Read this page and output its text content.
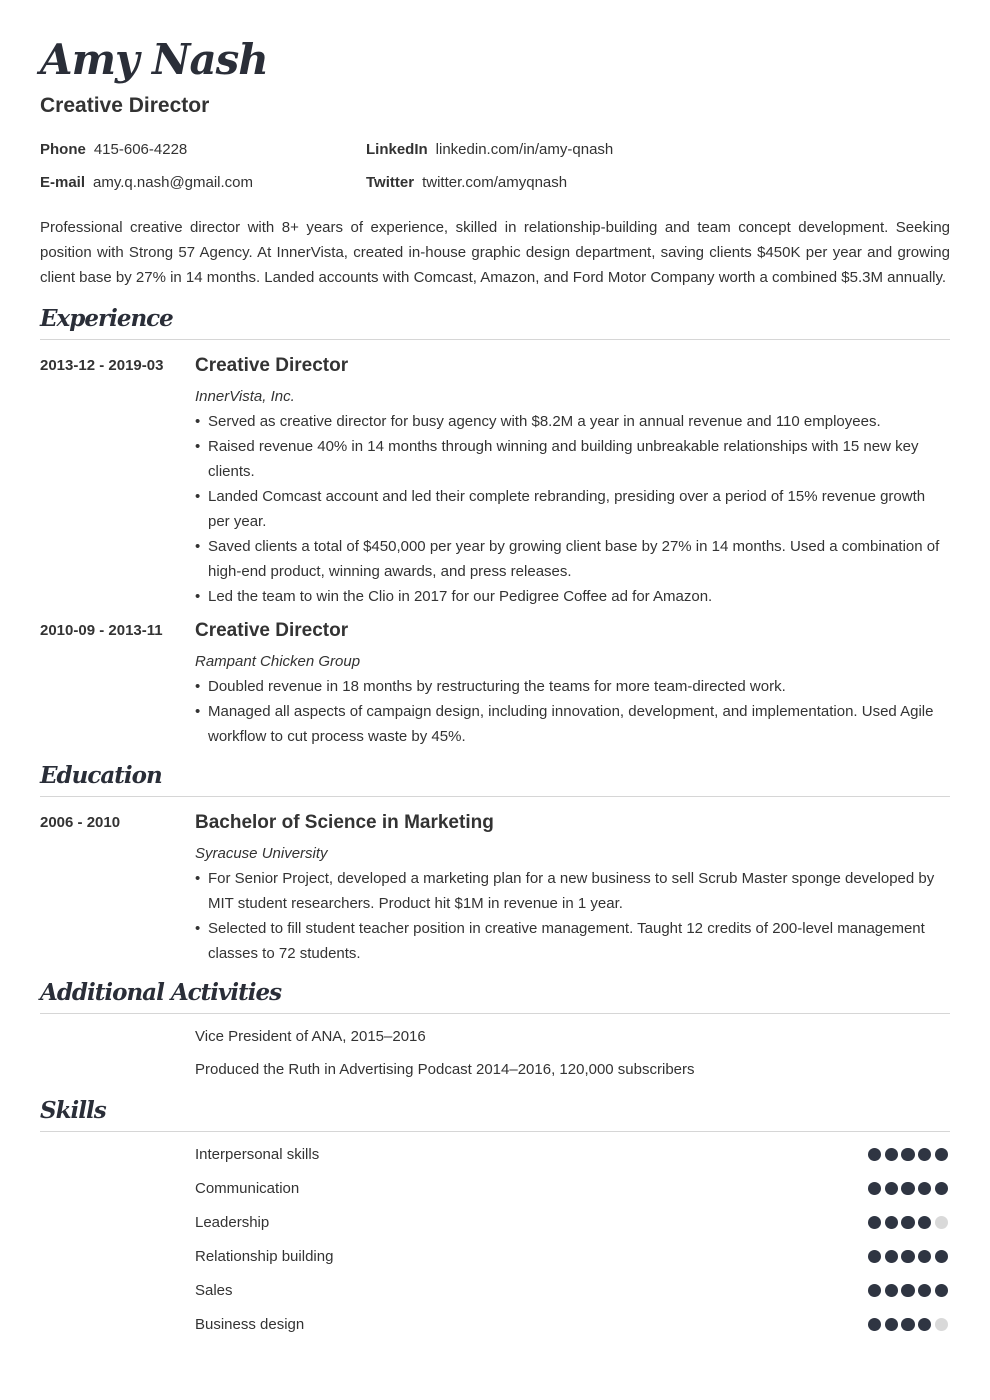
Amy Nash
Creative Director
Phone 415-606-4228	LinkedIn linkedin.com/in/amy-qnash
E-mail amy.q.nash@gmail.com	Twitter twitter.com/amyqnash

Professional creative director with 8+ years of experience, skilled in relationship-building and team concept development. Seeking position with Strong 57 Agency. At InnerVista, created in-house graphic design department, saving clients $450K per year and growing client base by 27% in 14 months. Landed accounts with Comcast, Amazon, and Ford Motor Company worth a combined $5.3M annually.

Experience
2013-12 - 2019-03 Creative Director

InnerVista, Inc.

• Served as creative director for busy agency with $8.2M a year in annual revenue and 110 employees.
• Raised revenue 40% in 14 months through winning and building unbreakable relationships with 15 new key clients.
• Landed Comcast account and led their complete rebranding, presiding over a period of 15% revenue growth per year.
• Saved clients a total of $450,000 per year by growing client base by 27% in 14 months. Used a combination of high-end product, winning awards, and press releases.
• Led the team to win the Clio in 2017 for our Pedigree Coffee ad for Amazon.
2010-09 - 2013-11 Creative Director

Rampant Chicken Group

• Doubled revenue in 18 months by restructuring the teams for more team-directed work.
• Managed all aspects of campaign design, including innovation, development, and implementation. Used Agile workflow to cut process waste by 45%.
Education
2006 - 2010	Bachelor of Science in Marketing

Syracuse University

• For Senior Project, developed a marketing plan for a new business to sell Scrub Master sponge developed by MIT student researchers. Product hit $1M in revenue in 1 year.
• Selected to fill student teacher position in creative management. Taught 12 credits of 200-level management classes to 72 students.
Additional Activities
Vice President of ANA, 2015–2016
Produced the Ruth in Advertising Podcast 2014–2016, 120,000 subscribers
Skills
Interpersonal skills
Communication
Leadership
Relationship building
Sales
Business design
